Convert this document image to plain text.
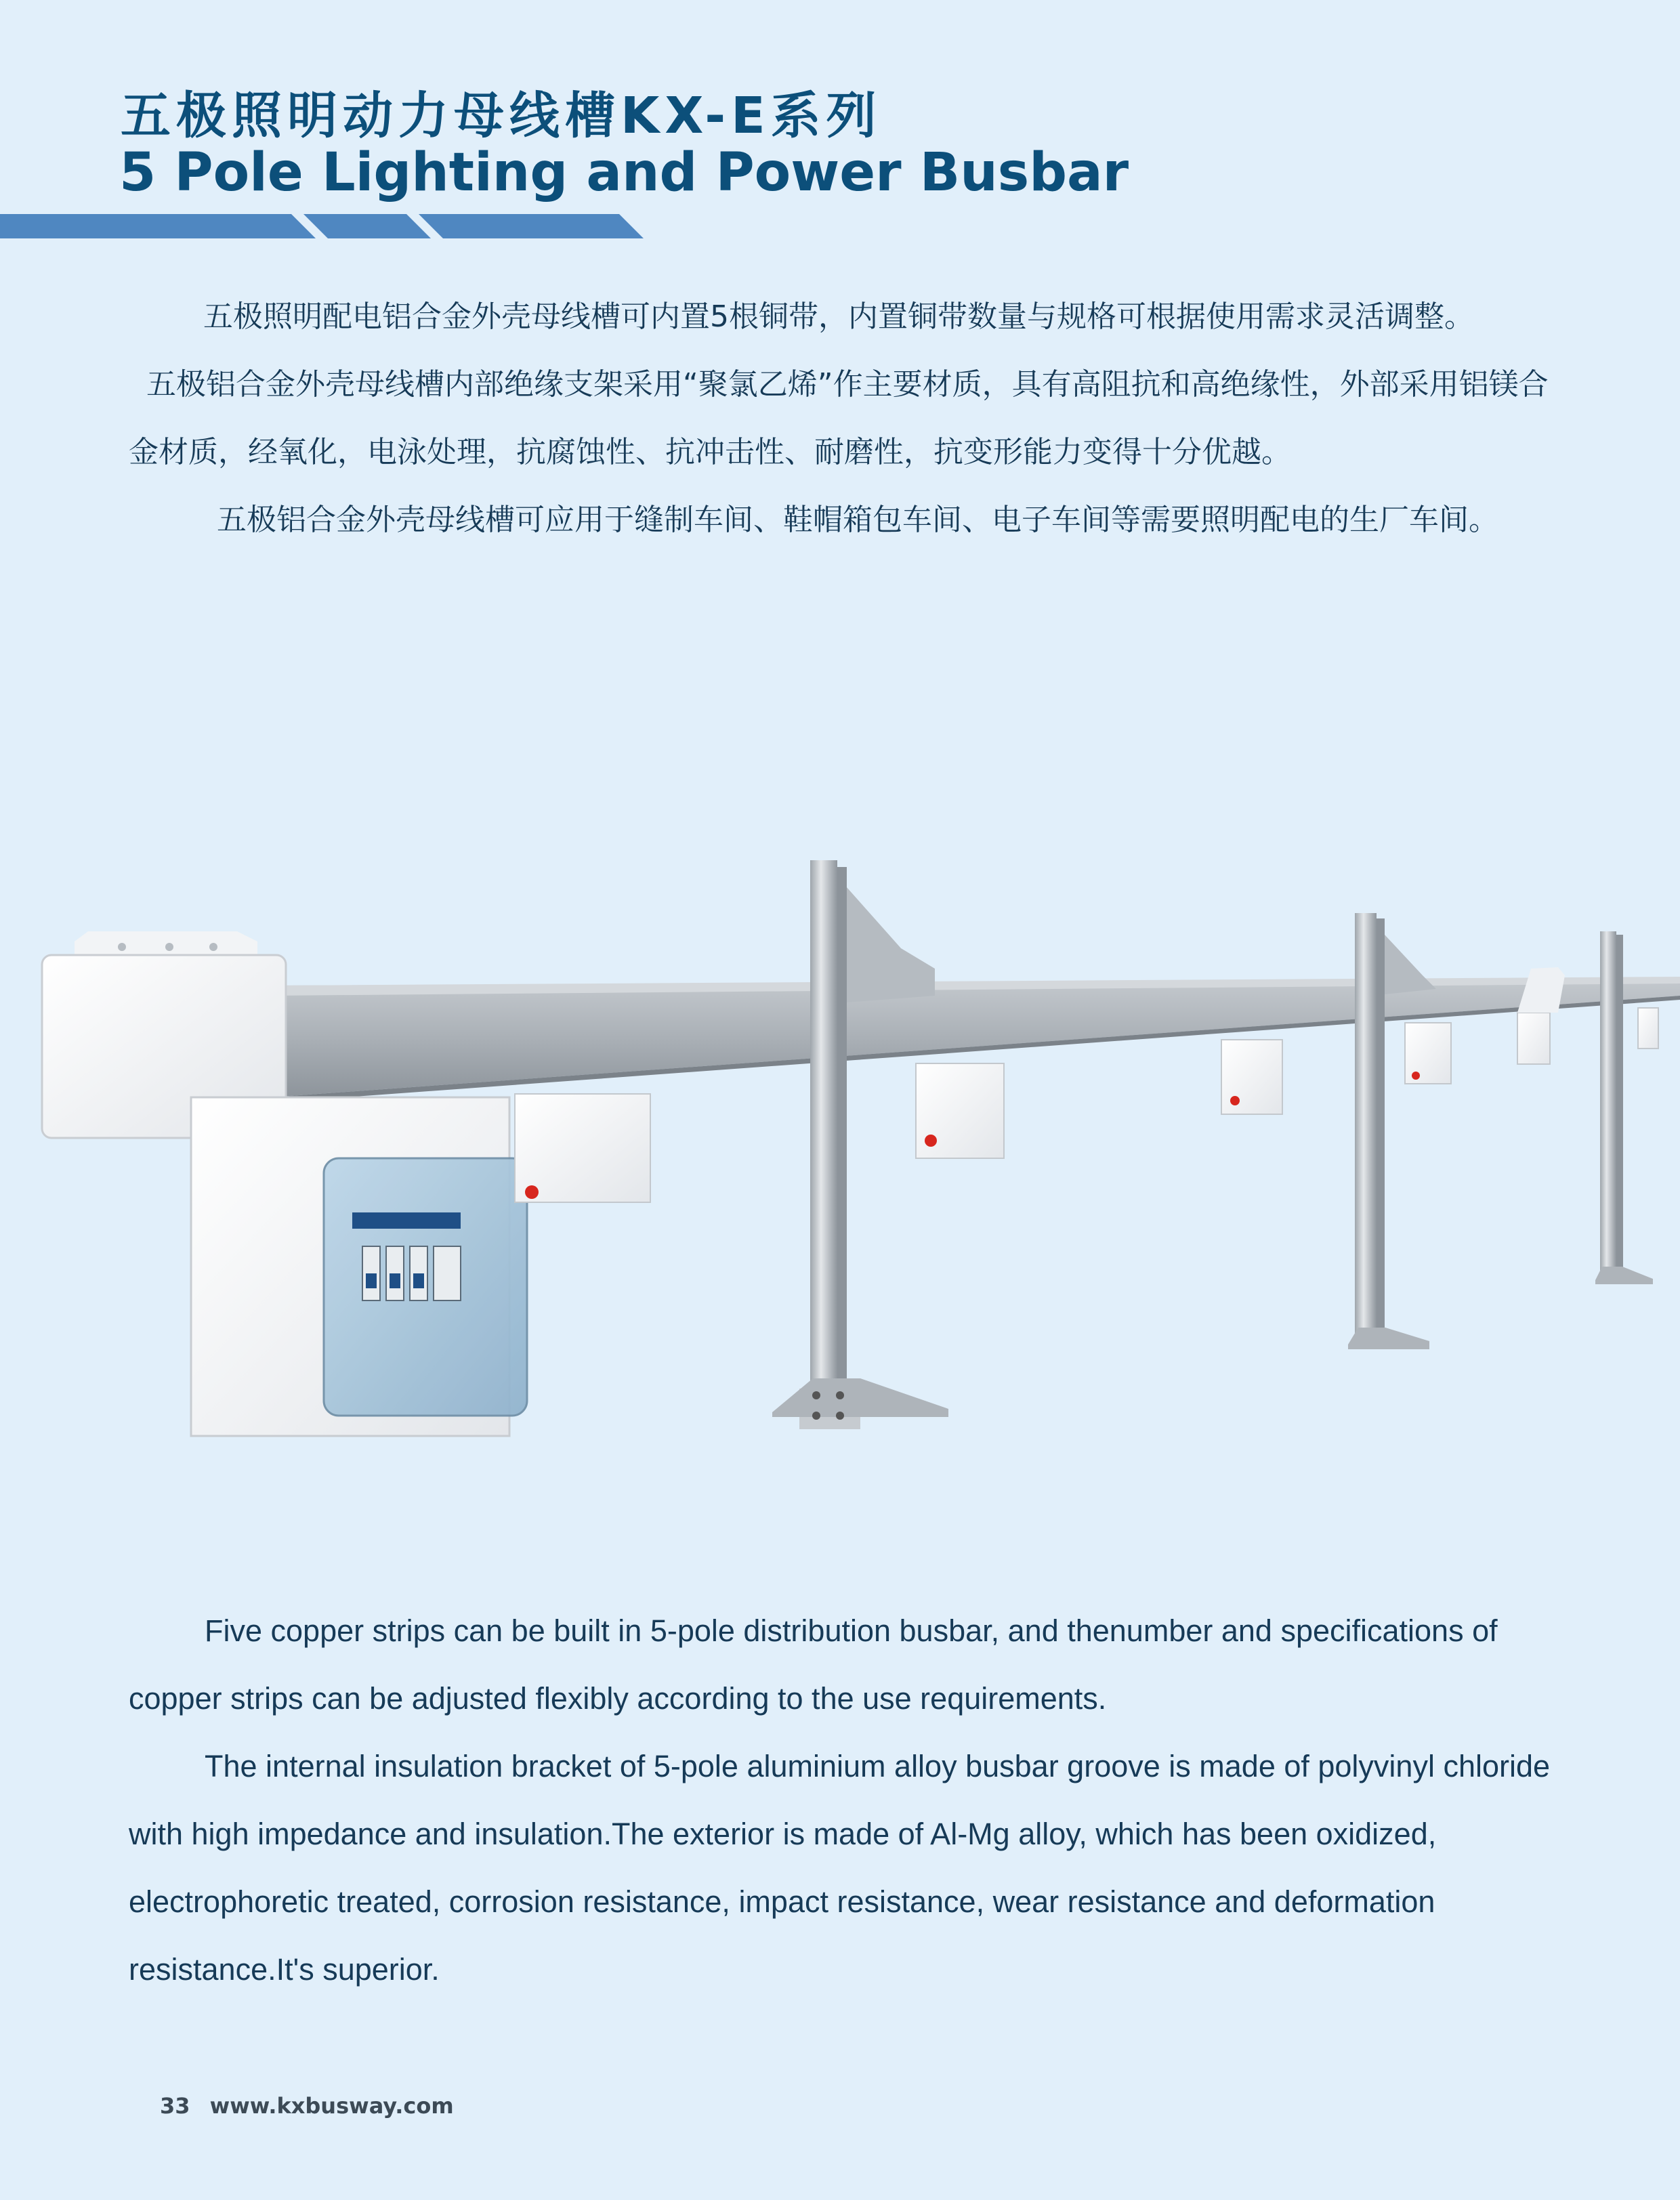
五极照明动力母线槽KX-E系列
5 Pole Lighting and Power Busbar

五极照明配电铝合金外壳母线槽可内置5根铜带，内置铜带数量与规格可根据使用需求灵活调整。

五极铝合金外壳母线槽内部绝缘支架采用“聚氯乙烯”作主要材质，具有高阻抗和高绝缘性，外部采用铝镁合金材质，经氧化，电泳处理，抗腐蚀性、抗冲击性、耐磨性，抗变形能力变得十分优越。

五极铝合金外壳母线槽可应用于缝制车间、鞋帽箱包车间、电子车间等需要照明配电的生厂车间。

Five copper strips can be built in 5-pole distribution busbar, and thenumber and specifications of copper strips can be adjusted flexibly according to the use requirements.

The internal insulation bracket of 5-pole aluminium alloy busbar groove is made of polyvinyl chloride with high impedance and insulation.The exterior is made of Al-Mg alloy, which has been oxidized, electrophoretic treated, corrosion resistance, impact resistance, wear resistance and deformation resistance.It's superior.

33 www.kxbusway.com
